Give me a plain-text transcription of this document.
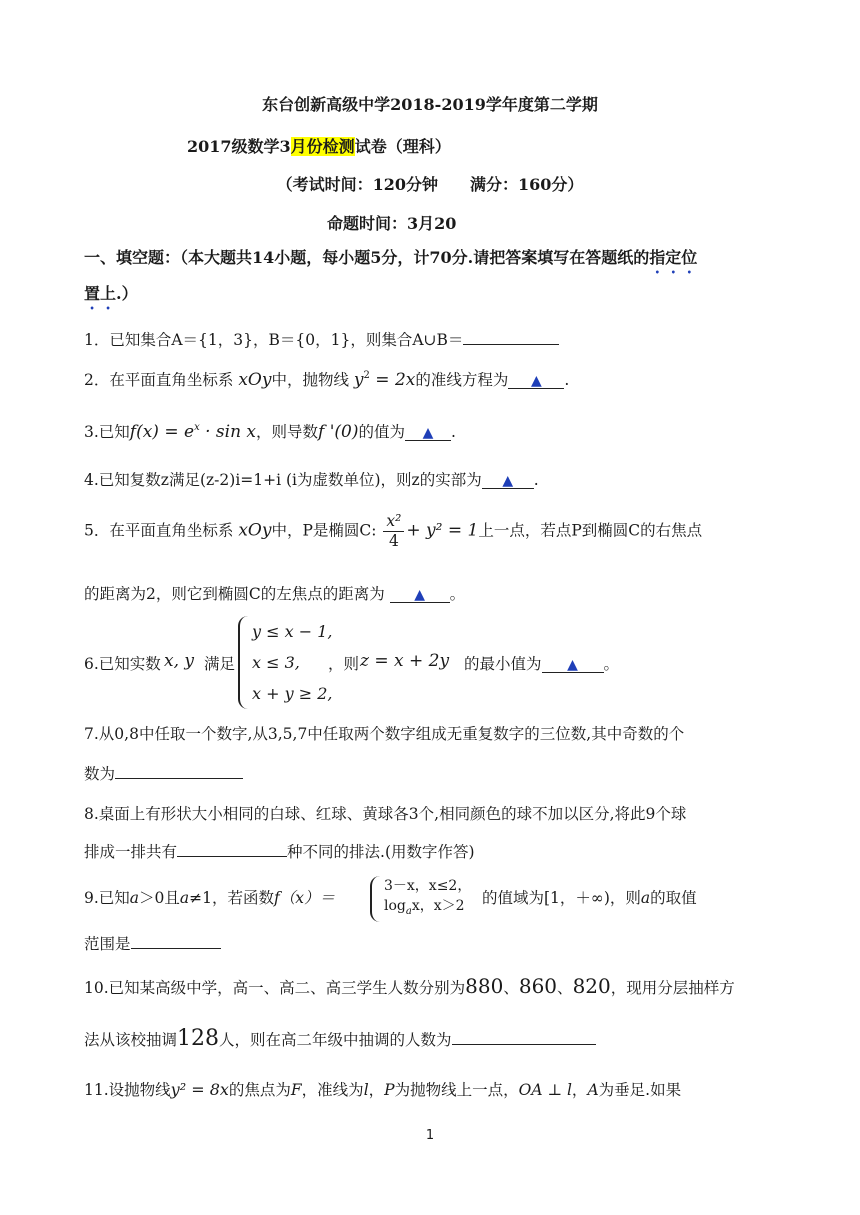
东台创新高级中学2018-2019学年度第二学期
2017级数学3月份检测试卷（理科）
（考试时间：120分钟　　满分：160分）
命题时间：3月20
一、填空题：（本大题共14小题，每小题5分，计70分.请把答案填写在答题纸的指定位
置上.）
1．已知集合A＝{1，3}，B＝{0，1}，则集合A∪B＝
2．在平面直角坐标系 xOy中，抛物线 $y^2 = 2x$的准线方程为 ▲ .
3.已知$f(x) = e^x \cdot \sin x$，则导数f '(0)的值为 ▲ .
4.已知复数z满足(z-2)i=1+i (i为虚数单位)，则z的实部为 ▲ .
5．在平面直角坐标系 xOy中，P是椭圆C: $\frac{\text{x²}}{4} + y^2 = 1$上一点，若点P到椭圆C的右焦点
的距离为2，则它到椭圆C的左焦点的距离为 ▲ 。
6.已知实数 x, y 满足
y ≤ x − 1,
x ≤ 3,
x + y ≥ 2,
，则 z = x + 2y 的最小值为 ▲ 。
7.从0,8中任取一个数字,从3,5,7中任取两个数字组成无重复数字的三位数,其中奇数的个
数为
8.桌面上有形状大小相同的白球、红球、黄球各3个,相同颜色的球不加以区分,将此9个球
排成一排共有	种不同的排法.(用数字作答)
9.已知a＞0且a≠1，若函数f（x）＝
3－x，x≤2，
$\log_ax$，x＞2	的值域为[1，＋∞)，则a的取值
范围是
10.已知某高级中学，高一、高二、高三学生人数分别为880、860、820，现用分层抽样方
法从该校抽调128人，则在高二年级中抽调的人数为
11.设抛物线y² = 8x的焦点为F，准线为l，P为抛物线上一点，OA ⊥ l，A为垂足.如果
1
